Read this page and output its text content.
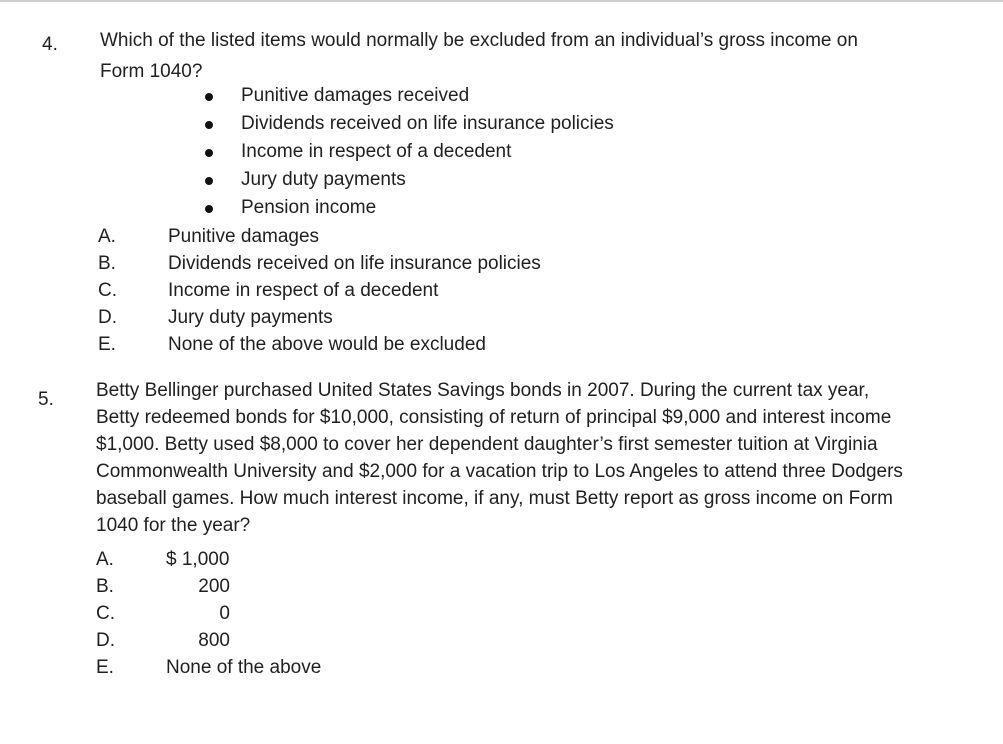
4. Which of the listed items would normally be excluded from an individual’s gross income on
Form 1040?
Punitive damages received
Dividends received on life insurance policies
Income in respect of a decedent
Jury duty payments
Pension income
A.	Punitive damages
B.	Dividends received on life insurance policies
C.	Income in respect of a decedent
D.	Jury duty payments
E.	None of the above would be excluded
5. Betty Bellinger purchased United States Savings bonds in 2007. During the current tax year,
Betty redeemed bonds for $10,000, consisting of return of principal $9,000 and interest income
$1,000. Betty used $8,000 to cover her dependent daughter’s first semester tuition at Virginia
Commonwealth University and $2,000 for a vacation trip to Los Angeles to attend three Dodgers
baseball games. How much interest income, if any, must Betty report as gross income on Form
1040 for the year?
A.	$ 1,000
B.	200
C.	0
D.	800
E.	None of the above
